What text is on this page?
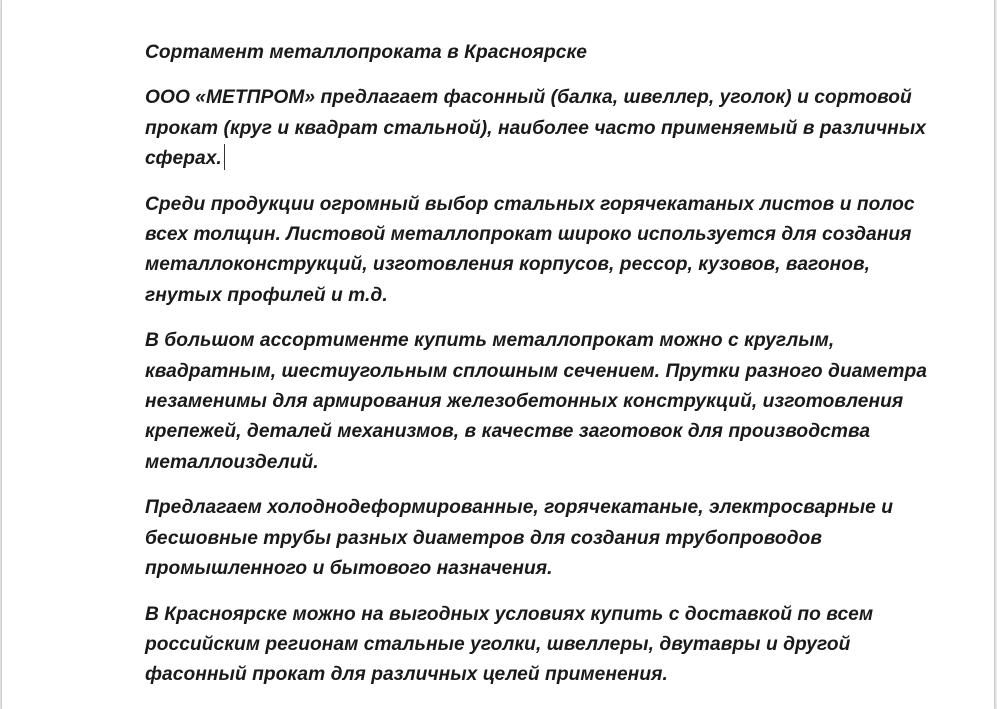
Сортамент металлопроката в Красноярске

ООО «МЕТПРОМ» предлагает фасонный (балка, швеллер, уголок) и сортовой прокат (круг и квадрат стальной), наиболее часто применяемый в различных сферах.

Среди продукции огромный выбор стальных горячекатаных листов и полос всех толщин. Листовой металлопрокат широко используется для создания металлоконструкций, изготовления корпусов, рессор, кузовов, вагонов, гнутых профилей и т.д.

В большом ассортименте купить металлопрокат можно с круглым, квадратным, шестиугольным сплошным сечением. Прутки разного диаметра незаменимы для армирования железобетонных конструкций, изготовления крепежей, деталей механизмов, в качестве заготовок для производства металлоизделий.

Предлагаем холоднодеформированные, горячекатаные, электросварные и бесшовные трубы разных диаметров для создания трубопроводов промышленного и бытового назначения.

В Красноярске можно на выгодных условиях купить с доставкой по всем российским регионам стальные уголки, швеллеры, двутавры и другой фасонный прокат для различных целей применения.
